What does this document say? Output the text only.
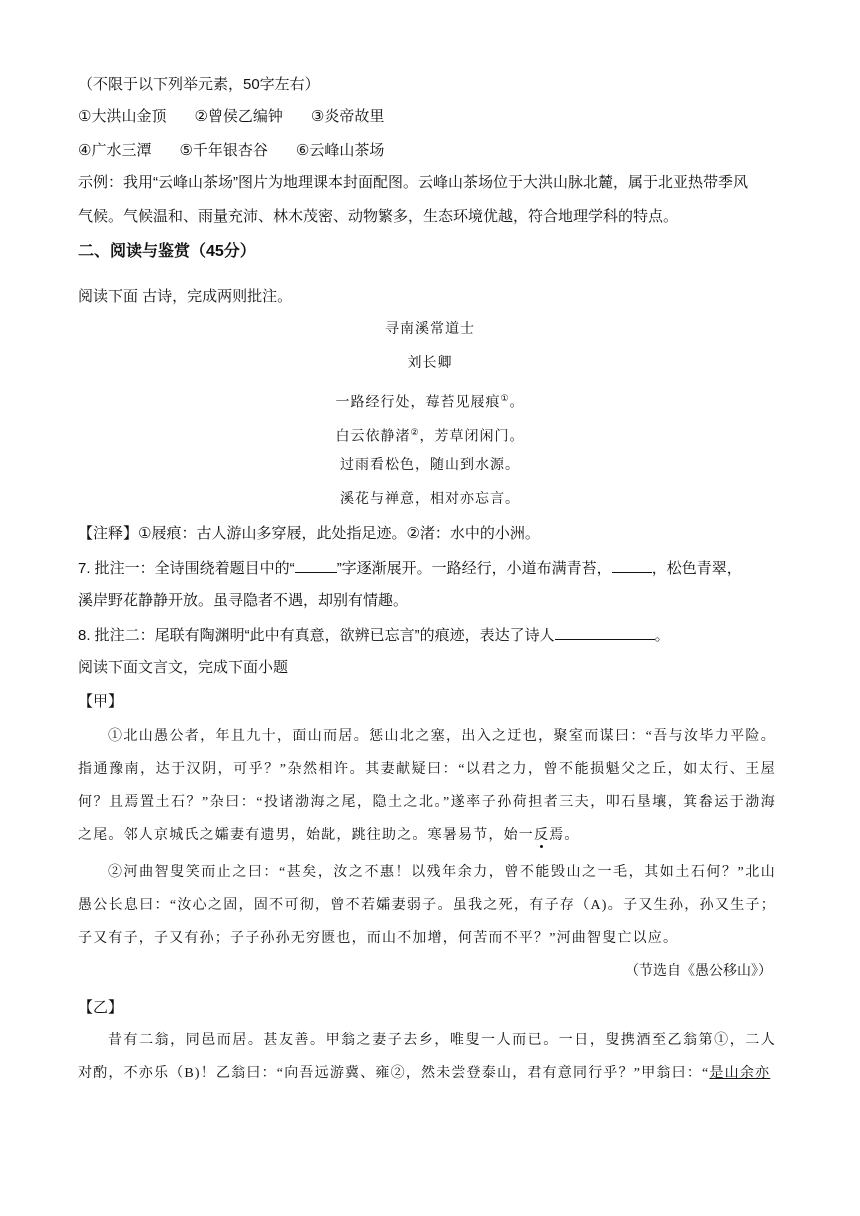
（不限于以下列举元素，50字左右）
①大洪山金顶 ②曾侯乙编钟 ③炎帝故里
④广水三潭 ⑤千年银杏谷 ⑥云峰山茶场
示例：我用“云峰山茶场”图片为地理课本封面配图。云峰山茶场位于大洪山脉北麓，属于北亚热带季风
气候。气候温和、雨量充沛、林木茂密、动物繁多，生态环境优越，符合地理学科的特点。
二、阅读与鉴赏（45分）
阅读下面 古诗，完成两则批注。
寻南溪常道士
刘长卿
一路经行处，莓苔见屐痕①。
白云依静渚②，芳草闭闲门。
过雨看松色，随山到水源。
溪花与禅意，相对亦忘言。
【注释】①屐痕：古人游山多穿屐，此处指足迹。②渚：水中的小洲。
7. 批注一：全诗围绕着题目中的“	”字逐渐展开。一路经行，小道布满青苔，	，松色青翠，
溪岸野花静静开放。虽寻隐者不遇，却别有情趣。
8. 批注二：尾联有陶渊明“此中有真意，欲辨已忘言”的痕迹，表达了诗人	。
阅读下面文言文，完成下面小题
【甲】
①北山愚公者，年且九十，面山而居。惩山北之塞，出入之迂也，聚室而谋曰：“吾与汝毕力平险。指通豫南，达于汉阴，可乎？”杂然相许。其妻献疑曰：“以君之力，曾不能损魁父之丘，如太行、王屋何？且焉置土石？”杂曰：“投诸渤海之尾，隐土之北。”遂率子孙荷担者三夫，叩石垦壤，箕畚运于渤海之尾。邻人京城氏之孀妻有遗男，始龀，跳往助之。寒暑易节，始一反焉。
②河曲智叟笑而止之曰：“甚矣，汝之不惠！以残年余力，曾不能毁山之一毛，其如土石何？”北山愚公长息曰：“汝心之固，固不可彻，曾不若孀妻弱子。虽我之死，有子存（A)。子又生孙，孙又生子；子又有子，子又有孙；子子孙孙无穷匮也，而山不加增，何苦而不平？”河曲智叟亡以应。
（节选自《愚公移山》）
【乙】
昔有二翁，同邑而居。甚友善。甲翁之妻子去乡，唯叟一人而已。一日，叟携酒至乙翁第①，二人对酌，不亦乐（B)！乙翁曰：“向吾远游冀、雍②，然未尝登泰山，君有意同行乎？”甲翁曰：“是山余亦
